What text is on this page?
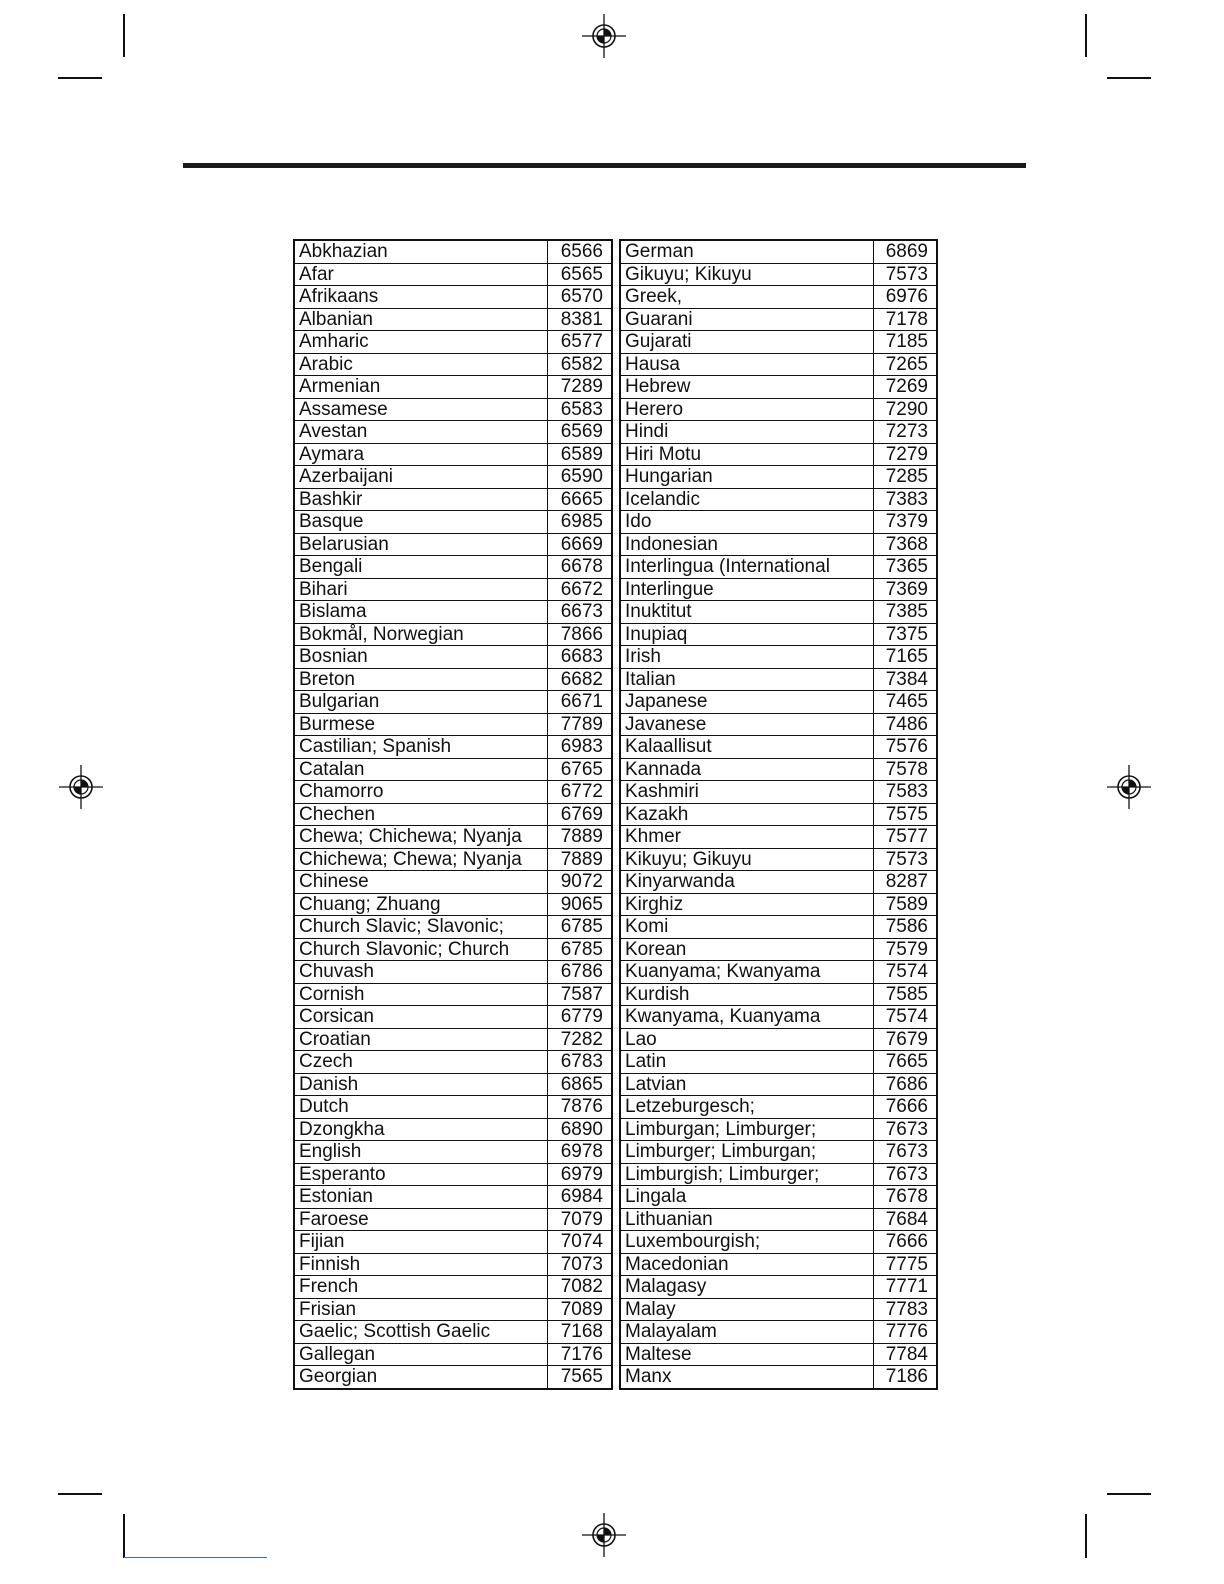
Abkhazian	6566
Afar	6565
Afrikaans	6570
Albanian	8381
Amharic	6577
Arabic	6582
Armenian	7289
Assamese	6583
Avestan	6569
Aymara	6589
Azerbaijani	6590
Bashkir	6665
Basque	6985
Belarusian	6669
Bengali	6678
Bihari	6672
Bislama	6673
Bokmål, Norwegian	7866
Bosnian	6683
Breton	6682
Bulgarian	6671
Burmese	7789
Castilian; Spanish	6983
Catalan	6765
Chamorro	6772
Chechen	6769
Chewa; Chichewa; Nyanja	7889
Chichewa; Chewa; Nyanja	7889
Chinese	9072
Chuang; Zhuang	9065
Church Slavic; Slavonic;	6785
Church Slavonic; Church	6785
Chuvash	6786
Cornish	7587
Corsican	6779
Croatian	7282
Czech	6783
Danish	6865
Dutch	7876
Dzongkha	6890
English	6978
Esperanto	6979
Estonian	6984
Faroese	7079
Fijian	7074
Finnish	7073
French	7082
Frisian	7089
Gaelic; Scottish Gaelic	7168
Gallegan	7176
Georgian	7565
German	6869
Gikuyu; Kikuyu	7573
Greek,	6976
Guarani	7178
Gujarati	7185
Hausa	7265
Hebrew	7269
Herero	7290
Hindi	7273
Hiri Motu	7279
Hungarian	7285
Icelandic	7383
Ido	7379
Indonesian	7368
Interlingua (International	7365
Interlingue	7369
Inuktitut	7385
Inupiaq	7375
Irish	7165
Italian	7384
Japanese	7465
Javanese	7486
Kalaallisut	7576
Kannada	7578
Kashmiri	7583
Kazakh	7575
Khmer	7577
Kikuyu; Gikuyu	7573
Kinyarwanda	8287
Kirghiz	7589
Komi	7586
Korean	7579
Kuanyama; Kwanyama	7574
Kurdish	7585
Kwanyama, Kuanyama	7574
Lao	7679
Latin	7665
Latvian	7686
Letzeburgesch;	7666
Limburgan; Limburger;	7673
Limburger; Limburgan;	7673
Limburgish; Limburger;	7673
Lingala	7678
Lithuanian	7684
Luxembourgish;	7666
Macedonian	7775
Malagasy	7771
Malay	7783
Malayalam	7776
Maltese	7784
Manx	7186
